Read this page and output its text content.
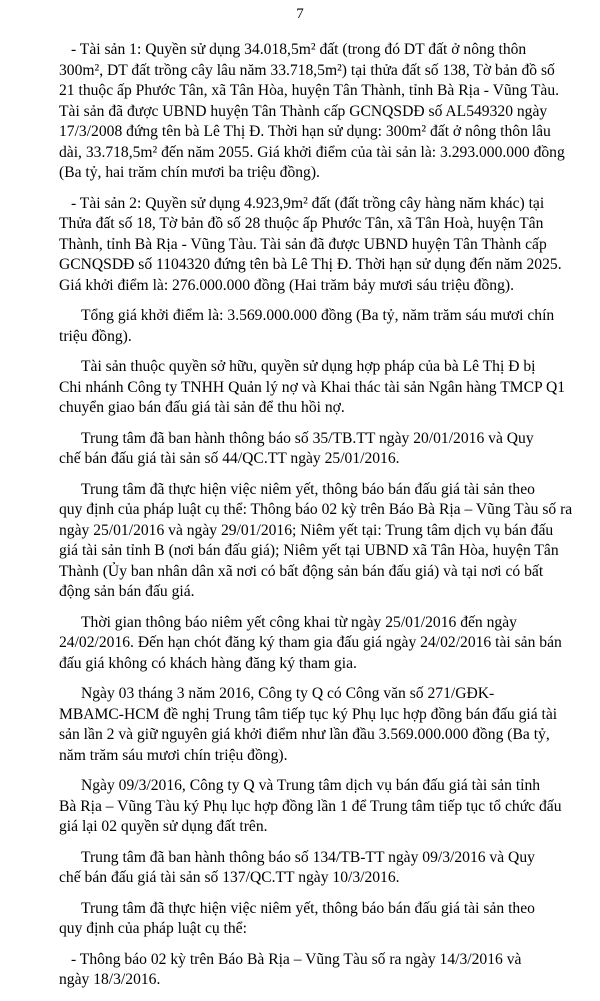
7

- Tài sản 1: Quyền sử dụng 34.018,5m² đất (trong đó DT đất ở nông thôn
300m², DT đất trồng cây lâu năm 33.718,5m²) tại thửa đất số 138, Tờ bản đồ số
21 thuộc ấp Phước Tân, xã Tân Hòa, huyện Tân Thành, tỉnh Bà Rịa - Vũng Tàu.
Tài sản đã được UBND huyện Tân Thành cấp GCNQSDĐ số AL549320 ngày
17/3/2008 đứng tên bà Lê Thị Đ. Thời hạn sử dụng: 300m² đất ở nông thôn lâu
dài, 33.718,5m² đến năm 2055. Giá khởi điểm của tài sản là: 3.293.000.000 đồng
(Ba tỷ, hai trăm chín mươi ba triệu đồng).

- Tài sản 2: Quyền sử dụng 4.923,9m² đất (đất trồng cây hàng năm khác) tại
Thửa đất số 18, Tờ bản đồ số 28 thuộc ấp Phước Tân, xã Tân Hoà, huyện Tân
Thành, tỉnh Bà Rịa - Vũng Tàu. Tài sản đã được UBND huyện Tân Thành cấp
GCNQSDĐ số 1104320 đứng tên bà Lê Thị Đ. Thời hạn sử dụng đến năm 2025.
Giá khởi điểm là: 276.000.000 đồng (Hai trăm bảy mươi sáu triệu đồng).

Tổng giá khởi điểm là: 3.569.000.000 đồng (Ba tỷ, năm trăm sáu mươi chín
triệu đồng).

Tài sản thuộc quyền sở hữu, quyền sử dụng hợp pháp của bà Lê Thị Đ bị
Chi nhánh Công ty TNHH Quản lý nợ và Khai thác tài sản Ngân hàng TMCP Q1
chuyển giao bán đấu giá tài sản để thu hồi nợ.

Trung tâm đã ban hành thông báo số 35/TB.TT ngày 20/01/2016 và Quy
chế bán đấu giá tài sản số 44/QC.TT ngày 25/01/2016.

Trung tâm đã thực hiện việc niêm yết, thông báo bán đấu giá tài sản theo
quy định của pháp luật cụ thể: Thông báo 02 kỳ trên Báo Bà Rịa – Vũng Tàu số ra
ngày 25/01/2016 và ngày 29/01/2016; Niêm yết tại: Trung tâm dịch vụ bán đấu
giá tài sản tỉnh B (nơi bán đấu giá); Niêm yết tại UBND xã Tân Hòa, huyện Tân
Thành (Ủy ban nhân dân xã nơi có bất động sản bán đấu giá) và tại nơi có bất
động sản bán đấu giá.

Thời gian thông báo niêm yết công khai từ ngày 25/01/2016 đến ngày
24/02/2016. Đến hạn chót đăng ký tham gia đấu giá ngày 24/02/2016 tài sản bán
đấu giá không có khách hàng đăng ký tham gia.

Ngày 03 tháng 3 năm 2016, Công ty Q có Công văn số 271/GĐK-
MBAMC-HCM đề nghị Trung tâm tiếp tục ký Phụ lục hợp đồng bán đấu giá tài
sản lần 2 và giữ nguyên giá khởi điểm như lần đầu 3.569.000.000 đồng (Ba tỷ,
năm trăm sáu mươi chín triệu đồng).

Ngày 09/3/2016, Công ty Q và Trung tâm dịch vụ bán đấu giá tài sản tỉnh
Bà Rịa – Vũng Tàu ký Phụ lục hợp đồng lần 1 để Trung tâm tiếp tục tổ chức đấu
giá lại 02 quyền sử dụng đất trên.

Trung tâm đã ban hành thông báo số 134/TB-TT ngày 09/3/2016 và Quy
chế bán đấu giá tài sản số 137/QC.TT ngày 10/3/2016.

Trung tâm đã thực hiện việc niêm yết, thông báo bán đấu giá tài sản theo
quy định của pháp luật cụ thể:

- Thông báo 02 kỳ trên Báo Bà Rịa – Vũng Tàu số ra ngày 14/3/2016 và
ngày 18/3/2016.
